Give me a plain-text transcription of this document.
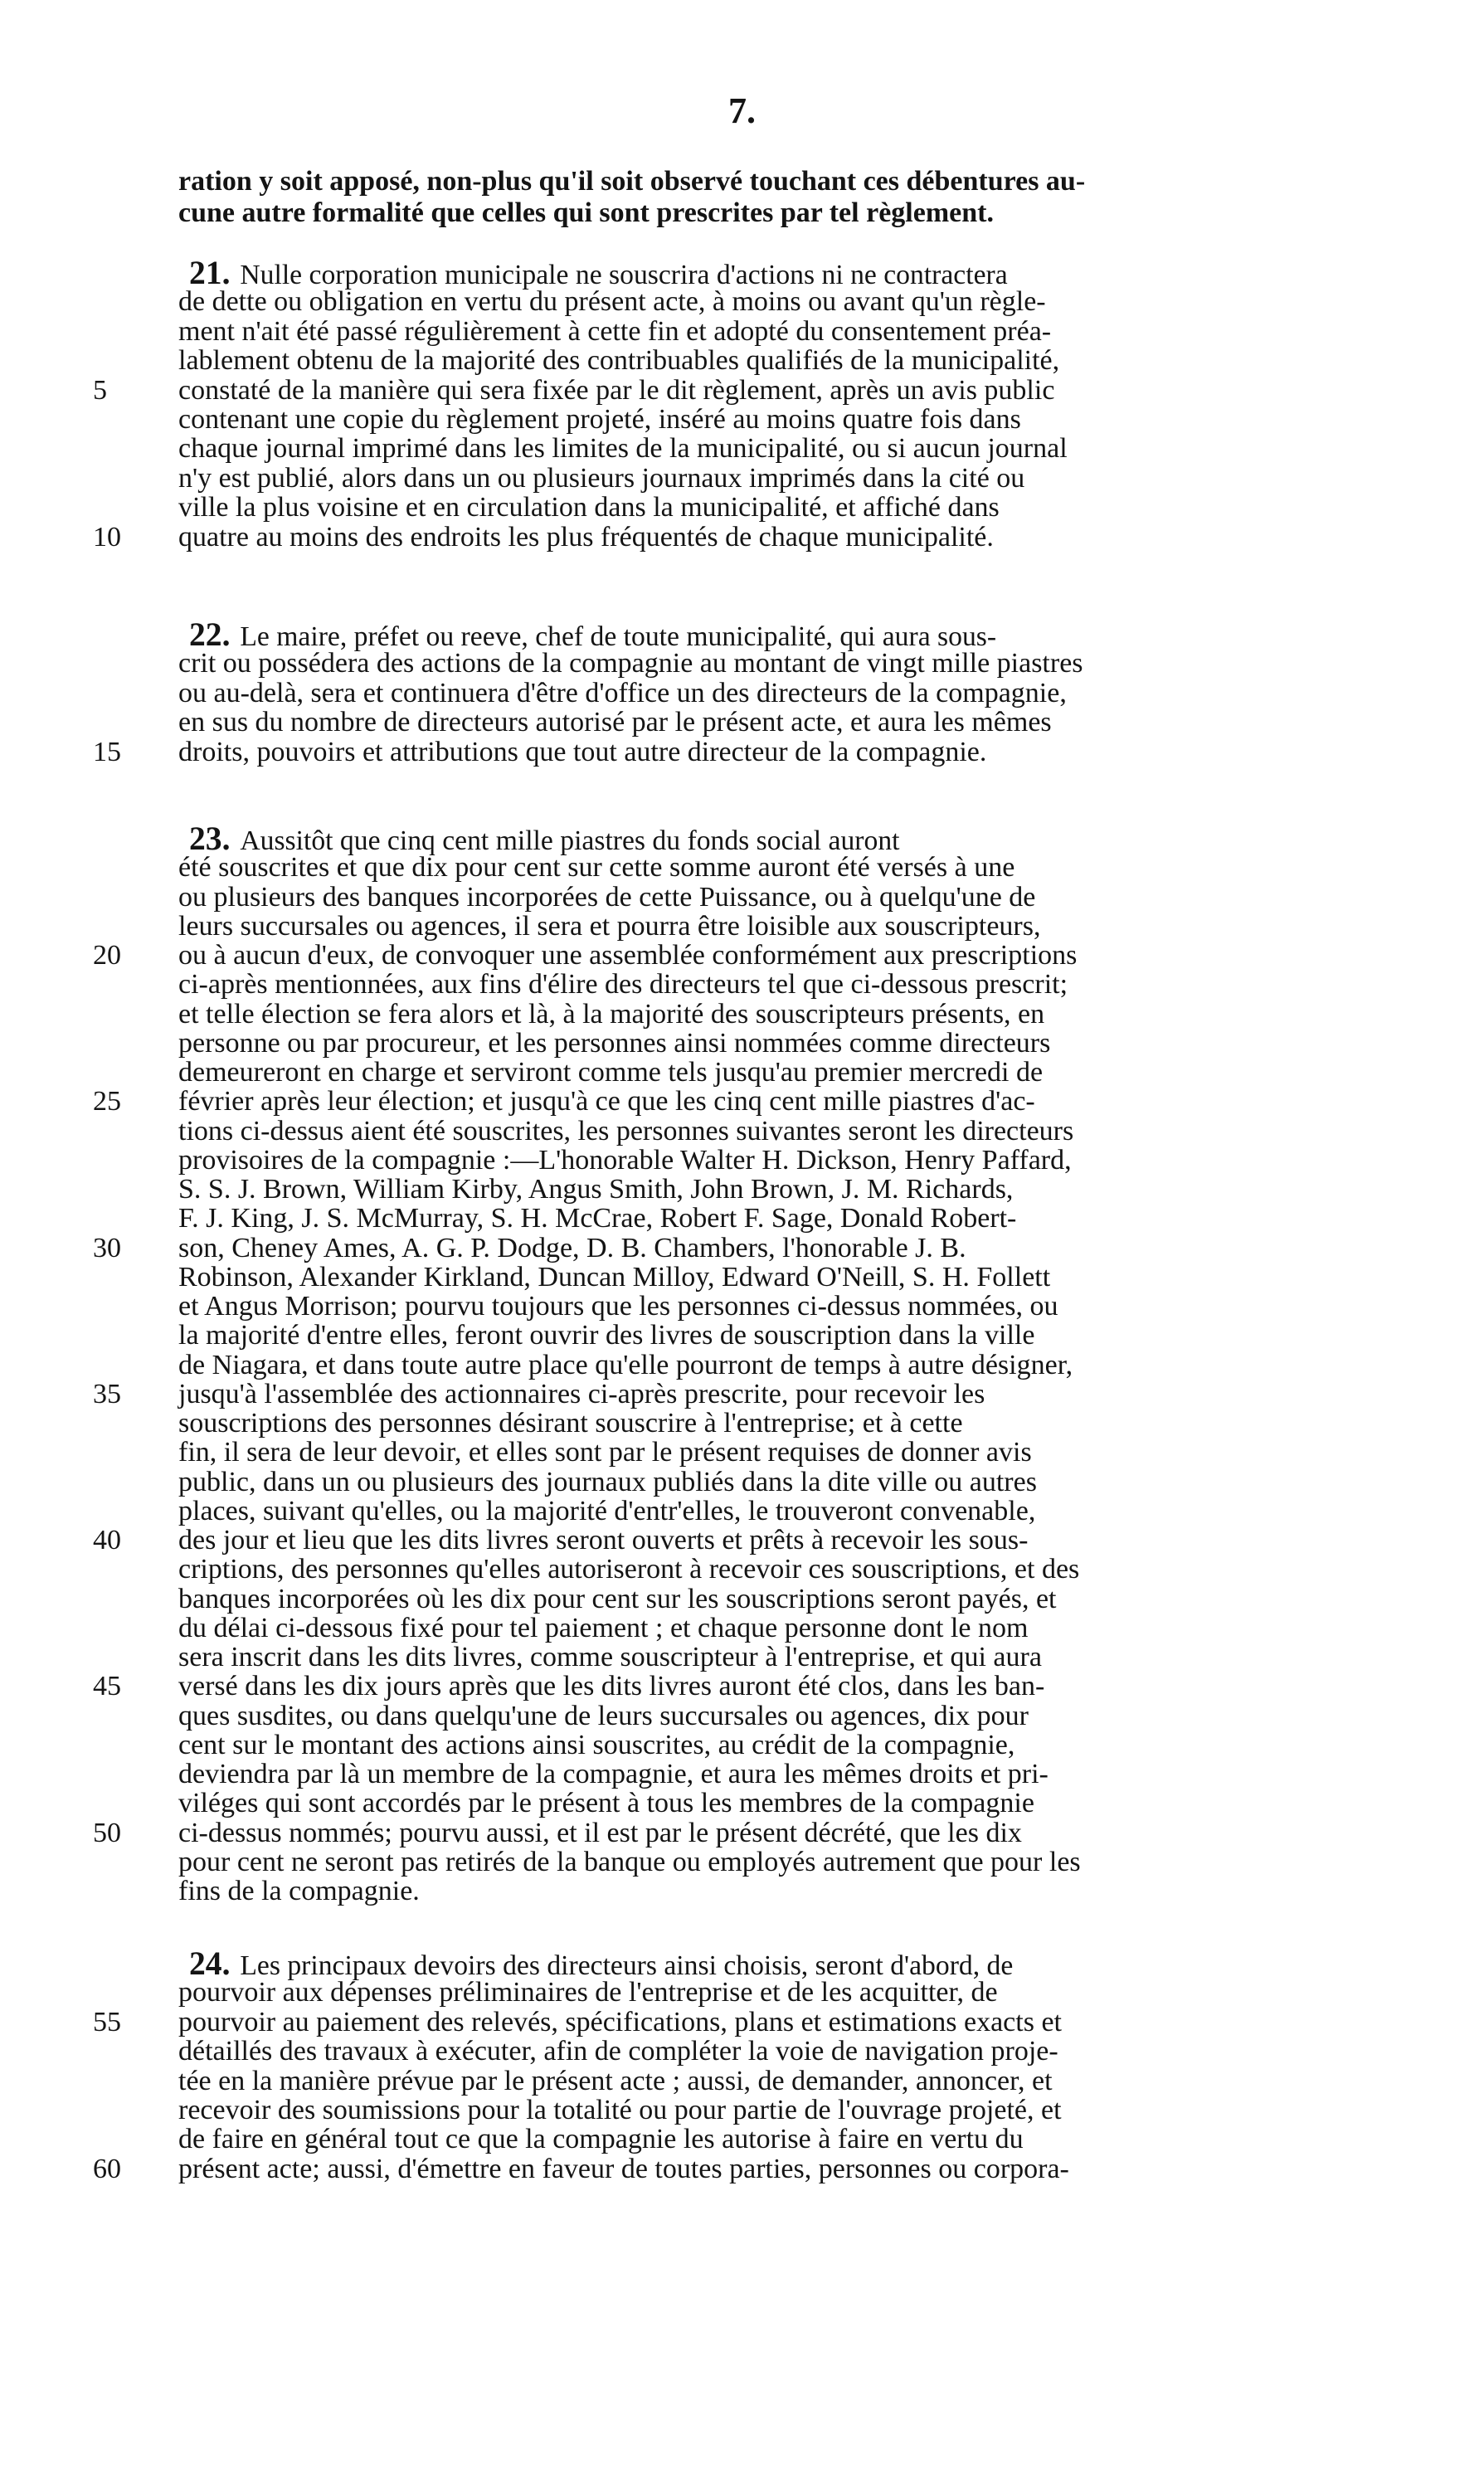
7.
ration y soit apposé, non-plus qu'il soit observé touchant ces débentures au-
cune autre formalité que celles qui sont prescrites par tel règlement.
21. Nulle corporation municipale ne souscrira d'actions ni ne contractera
de dette ou obligation en vertu du présent acte, à moins ou avant qu'un règle-
ment n'ait été passé régulièrement à cette fin et adopté du consentement préa-
lablement obtenu de la majorité des contribuables qualifiés de la municipalité,
constaté de la manière qui sera fixée par le dit règlement, après un avis public
contenant une copie du règlement projeté, inséré au moins quatre fois dans
chaque journal imprimé dans les limites de la municipalité, ou si aucun journal
n'y est publié, alors dans un ou plusieurs journaux imprimés dans la cité ou
ville la plus voisine et en circulation dans la municipalité, et affiché dans
quatre au moins des endroits les plus fréquentés de chaque municipalité.
22. Le maire, préfet ou reeve, chef de toute municipalité, qui aura sous-
crit ou possédera des actions de la compagnie au montant de vingt mille piastres
ou au-delà, sera et continuera d'être d'office un des directeurs de la compagnie,
en sus du nombre de directeurs autorisé par le présent acte, et aura les mêmes
droits, pouvoirs et attributions que tout autre directeur de la compagnie.
23. Aussitôt que cinq cent mille piastres du fonds social auront
été souscrites et que dix pour cent sur cette somme auront été versés à une
ou plusieurs des banques incorporées de cette Puissance, ou à quelqu'une de
leurs succursales ou agences, il sera et pourra être loisible aux souscripteurs,
ou à aucun d'eux, de convoquer une assemblée conformément aux prescriptions
ci-après mentionnées, aux fins d'élire des directeurs tel que ci-dessous prescrit;
et telle élection se fera alors et là, à la majorité des souscripteurs présents, en
personne ou par procureur, et les personnes ainsi nommées comme directeurs
demeureront en charge et serviront comme tels jusqu'au premier mercredi de
février après leur élection; et jusqu'à ce que les cinq cent mille piastres d'ac-
tions ci-dessus aient été souscrites, les personnes suivantes seront les directeurs
provisoires de la compagnie :—L'honorable Walter H. Dickson, Henry Paffard,
S. S. J. Brown, William Kirby, Angus Smith, John Brown, J. M. Richards,
F. J. King, J. S. McMurray, S. H. McCrae, Robert F. Sage, Donald Robert-
son, Cheney Ames, A. G. P. Dodge, D. B. Chambers, l'honorable J. B.
Robinson, Alexander Kirkland, Duncan Milloy, Edward O'Neill, S. H. Follett
et Angus Morrison; pourvu toujours que les personnes ci-dessus nommées, ou
la majorité d'entre elles, feront ouvrir des livres de souscription dans la ville
de Niagara, et dans toute autre place qu'elle pourront de temps à autre désigner,
jusqu'à l'assemblée des actionnaires ci-après prescrite, pour recevoir les
souscriptions des personnes désirant souscrire à l'entreprise; et à cette
fin, il sera de leur devoir, et elles sont par le présent requises de donner avis
public, dans un ou plusieurs des journaux publiés dans la dite ville ou autres
places, suivant qu'elles, ou la majorité d'entr'elles, le trouveront convenable,
des jour et lieu que les dits livres seront ouverts et prêts à recevoir les sous-
criptions, des personnes qu'elles autoriseront à recevoir ces souscriptions, et des
banques incorporées où les dix pour cent sur les souscriptions seront payés, et
du délai ci-dessous fixé pour tel paiement ; et chaque personne dont le nom
sera inscrit dans les dits livres, comme souscripteur à l'entreprise, et qui aura
versé dans les dix jours après que les dits livres auront été clos, dans les ban-
ques susdites, ou dans quelqu'une de leurs succursales ou agences, dix pour
cent sur le montant des actions ainsi souscrites, au crédit de la compagnie,
deviendra par là un membre de la compagnie, et aura les mêmes droits et pri-
viléges qui sont accordés par le présent à tous les membres de la compagnie
ci-dessus nommés; pourvu aussi, et il est par le présent décrété, que les dix
pour cent ne seront pas retirés de la banque ou employés autrement que pour les
fins de la compagnie.
24. Les principaux devoirs des directeurs ainsi choisis, seront d'abord, de
pourvoir aux dépenses préliminaires de l'entreprise et de les acquitter, de
pourvoir au paiement des relevés, spécifications, plans et estimations exacts et
détaillés des travaux à exécuter, afin de compléter la voie de navigation proje-
tée en la manière prévue par le présent acte ; aussi, de demander, annoncer, et
recevoir des soumissions pour la totalité ou pour partie de l'ouvrage projeté, et
de faire en général tout ce que la compagnie les autorise à faire en vertu du
présent acte; aussi, d'émettre en faveur de toutes parties, personnes ou corpora-
5
10
15
20
25
30
35
40
45
50
55
60
